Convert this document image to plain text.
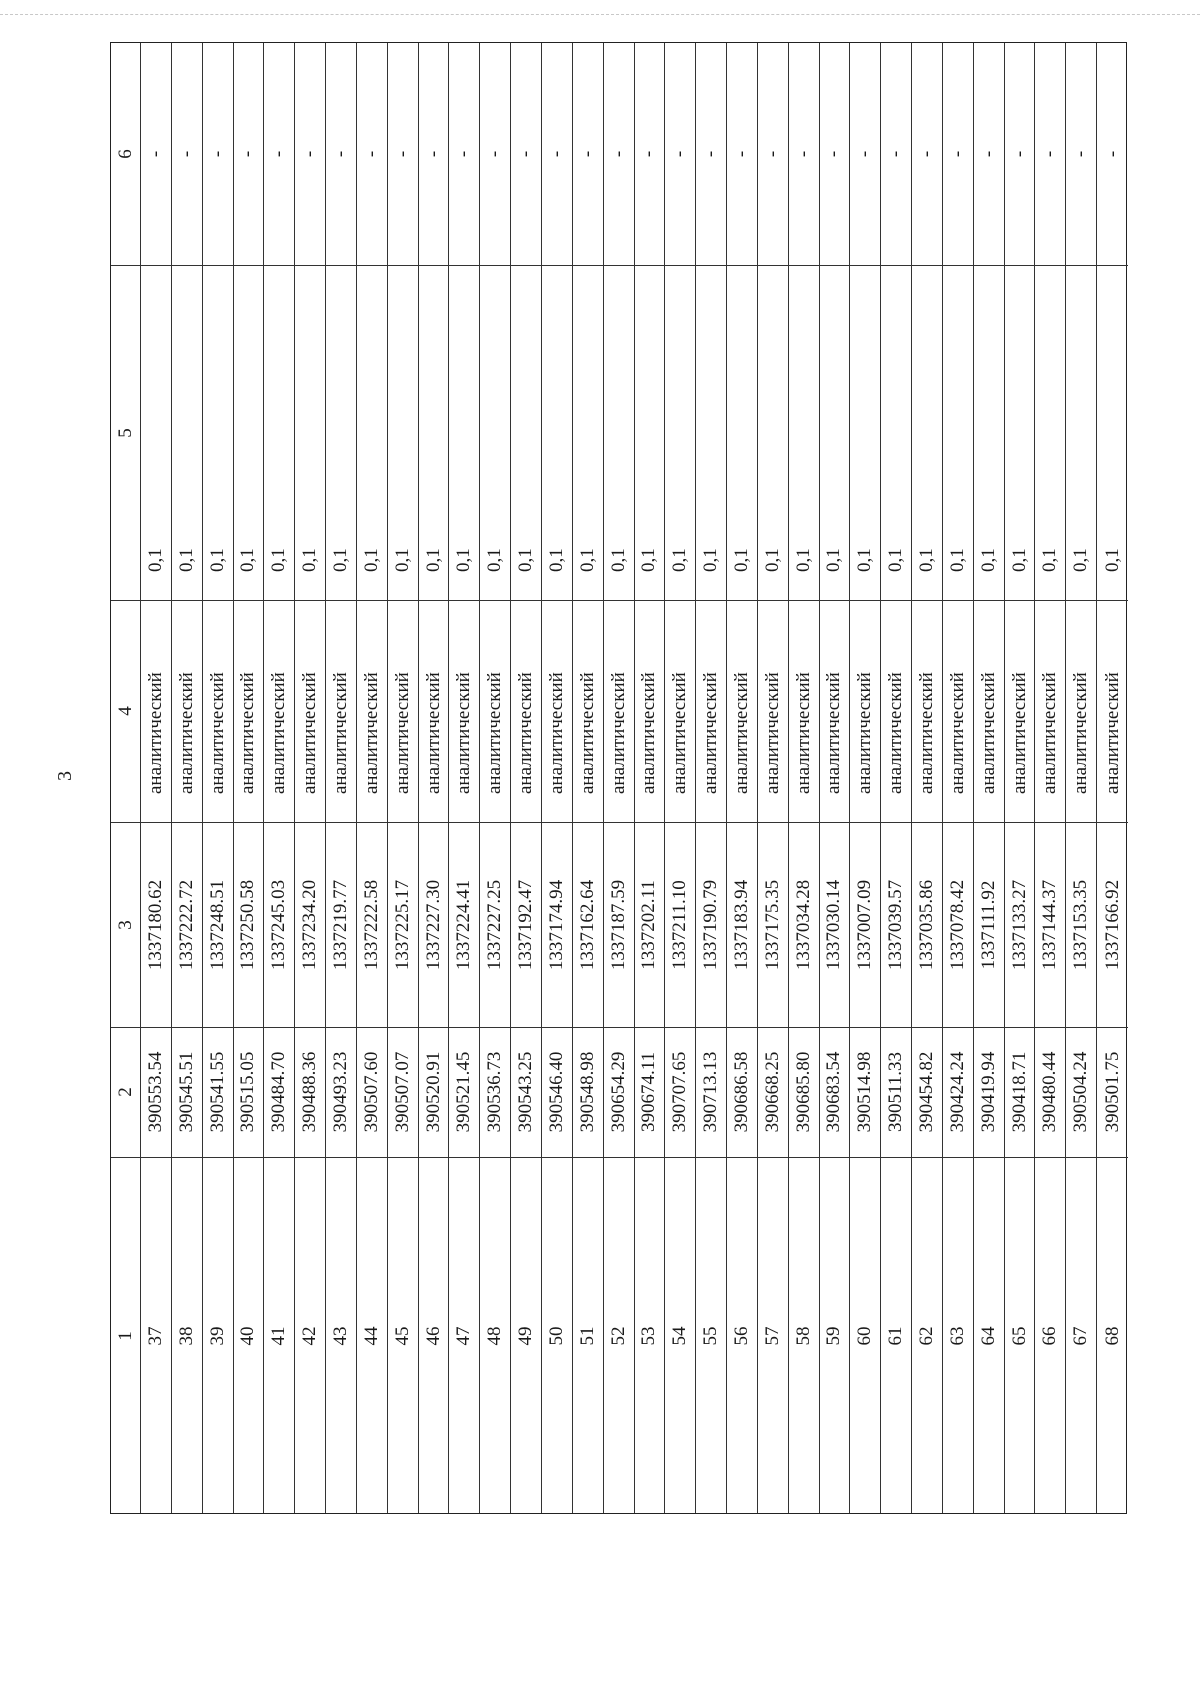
3
6
5
4
3
2
1
-
0,1
аналитический
1337180.62
390553.54
37
-
0,1
аналитический
1337222.72
390545.51
38
-
0,1
аналитический
1337248.51
390541.55
39
-
0,1
аналитический
1337250.58
390515.05
40
-
0,1
аналитический
1337245.03
390484.70
41
-
0,1
аналитический
1337234.20
390488.36
42
-
0,1
аналитический
1337219.77
390493.23
43
-
0,1
аналитический
1337222.58
390507.60
44
-
0,1
аналитический
1337225.17
390507.07
45
-
0,1
аналитический
1337227.30
390520.91
46
-
0,1
аналитический
1337224.41
390521.45
47
-
0,1
аналитический
1337227.25
390536.73
48
-
0,1
аналитический
1337192.47
390543.25
49
-
0,1
аналитический
1337174.94
390546.40
50
-
0,1
аналитический
1337162.64
390548.98
51
-
0,1
аналитический
1337187.59
390654.29
52
-
0,1
аналитический
1337202.11
390674.11
53
-
0,1
аналитический
1337211.10
390707.65
54
-
0,1
аналитический
1337190.79
390713.13
55
-
0,1
аналитический
1337183.94
390686.58
56
-
0,1
аналитический
1337175.35
390668.25
57
-
0,1
аналитический
1337034.28
390685.80
58
-
0,1
аналитический
1337030.14
390683.54
59
-
0,1
аналитический
1337007.09
390514.98
60
-
0,1
аналитический
1337039.57
390511.33
61
-
0,1
аналитический
1337035.86
390454.82
62
-
0,1
аналитический
1337078.42
390424.24
63
-
0,1
аналитический
1337111.92
390419.94
64
-
0,1
аналитический
1337133.27
390418.71
65
-
0,1
аналитический
1337144.37
390480.44
66
-
0,1
аналитический
1337153.35
390504.24
67
-
0,1
аналитический
1337166.92
390501.75
68
